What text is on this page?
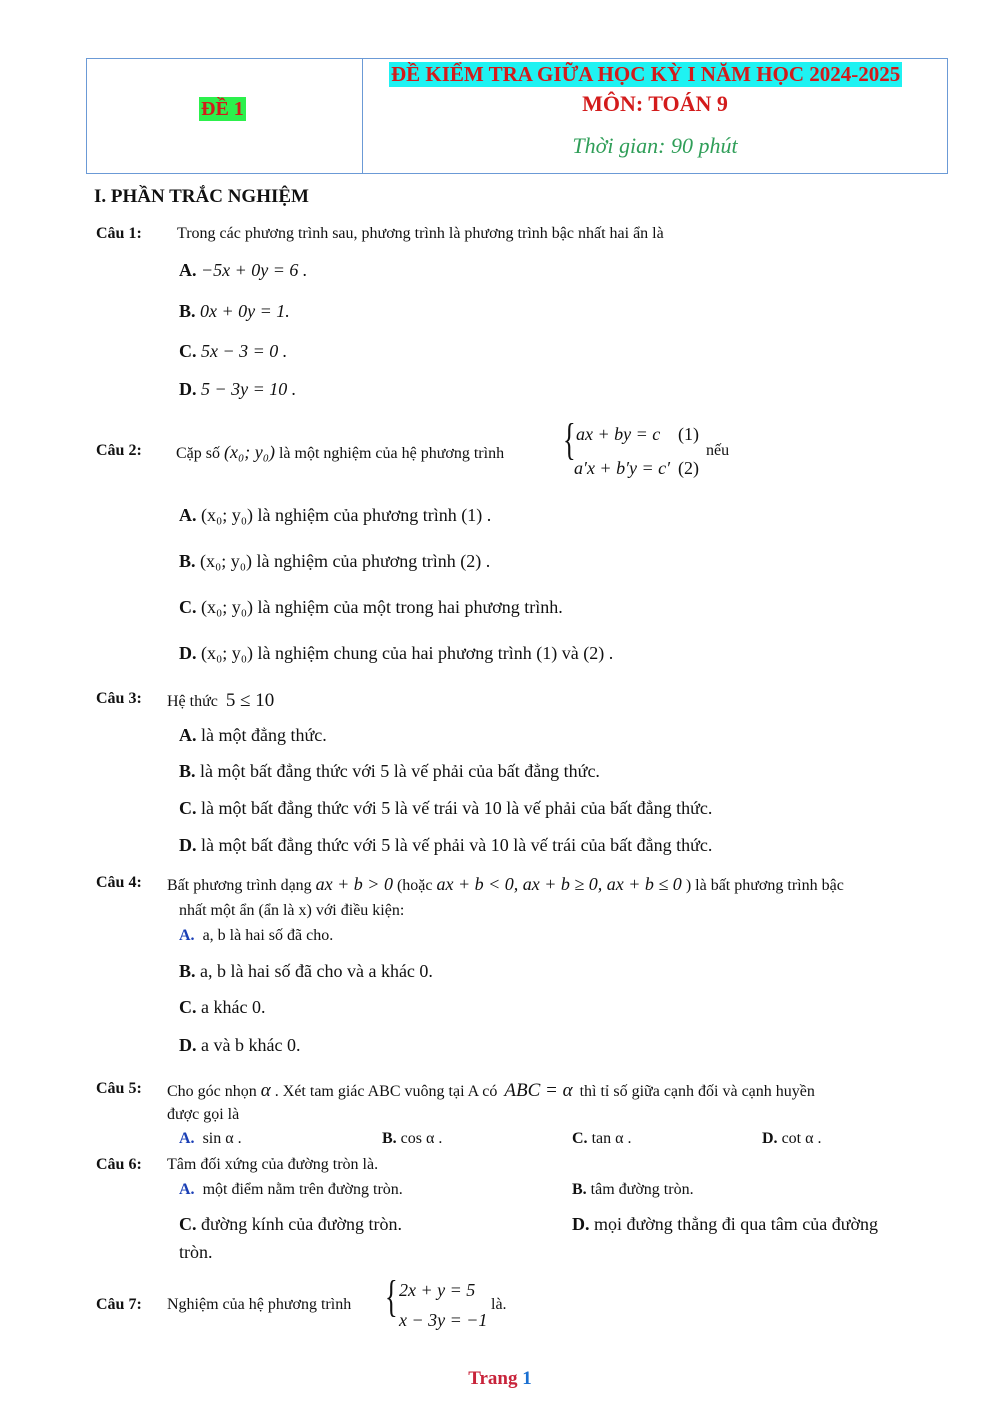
ĐỀ 1
ĐỀ KIỂM TRA GIỮA HỌC KỲ I NĂM HỌC 2024-2025
MÔN: TOÁN 9
Thời gian: 90 phút
I. PHẦN TRẮC NGHIỆM
Câu 1: Trong các phương trình sau, phương trình là phương trình bậc nhất hai ẩn là
A. −5x + 0y = 6 .
B. 0x + 0y = 1.
C. 5x − 3 = 0 .
D. 5 − 3y = 10 .
Câu 2: Cặp số (x₀; y₀) là một nghiệm của hệ phương trình { ax + by = c (1)
a′x + b′y = c′ (2)
nếu
A. (x₀; y₀) là nghiệm của phương trình (1) .
B. (x₀; y₀) là nghiệm của phương trình (2) .
C. (x₀; y₀) là nghiệm của một trong hai phương trình.
D. (x₀; y₀) là nghiệm chung của hai phương trình (1) và (2) .
Câu 3: Hệ thức 5 ≤ 10
A. là một đẳng thức.
B. là một bất đẳng thức với 5 là vế phải của bất đẳng thức.
C. là một bất đẳng thức với 5 là vế trái và 10 là vế phải của bất đẳng thức.
D. là một bất đẳng thức với 5 là vế phải và 10 là vế trái của bất đẳng thức.
Câu 4: Bất phương trình dạng ax + b > 0 (hoặc ax + b < 0, ax + b ≥ 0, ax + b ≤ 0 ) là bất phương trình bậc
nhất một ẩn (ẩn là x) với điều kiện:
A. a, b là hai số đã cho.
B. a, b là hai số đã cho và a khác 0.
C. a khác 0.
D. a và b khác 0.
Câu 5: Cho góc nhọn α . Xét tam giác ABC vuông tại A có ABC = α thì tỉ số giữa cạnh đối và cạnh huyền
được gọi là
A. sin α .	B. cos α .	C. tan α .	D. cot α .
Câu 6: Tâm đối xứng của đường tròn là.
A. một điểm nằm trên đường tròn.	B. tâm đường tròn.
C. đường kính của đường tròn.	D. mọi đường thẳng đi qua tâm của đường
tròn.
Câu 7: Nghiệm của hệ phương trình { 2x + y = 5
x − 3y = −1
là.
Trang 1
